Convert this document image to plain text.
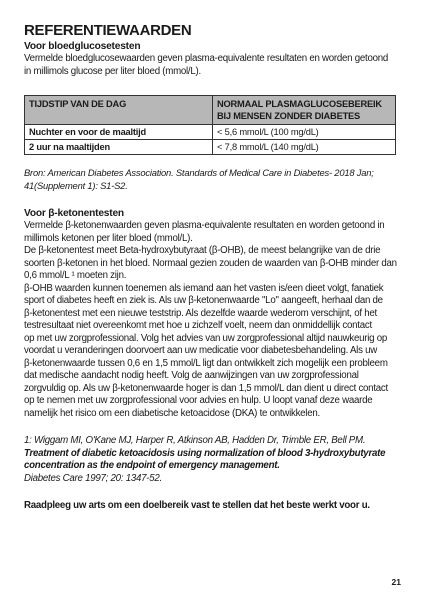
REFERENTIEWAARDEN
Voor bloedglucosetesten
Vermelde bloedglucosewaarden geven plasma-equivalente resultaten en worden getoond
in millimols glucose per liter bloed (mmol/L).
TIJDSTIP VAN DE DAG	NORMAAL PLASMAGLUCOSEBEREIK
BIJ MENSEN ZONDER DIABETES

Nuchter en voor de maaltijd	< 5,6 mmol/L (100 mg/dL)
2 uur na maaltijden	< 7,8 mmol/L (140 mg/dL)
Bron: American Diabetes Association. Standards of Medical Care in Diabetes- 2018 Jan;
41(Supplement 1): S1-S2.
Voor β-ketonentesten
Vermelde β-ketonenwaarden geven plasma-equivalente resultaten en worden getoond in
millimols ketonen per liter bloed (mmol/L).
De β-ketonentest meet Beta-hydroxybutyraat (β-OHB), de meest belangrijke van de drie
soorten β-ketonen in het bloed. Normaal gezien zouden de waarden van β-OHB minder dan
0,6 mmol/L ¹ moeten zijn.
β-OHB waarden kunnen toenemen als iemand aan het vasten is/een dieet volgt, fanatiek
sport of diabetes heeft en ziek is. Als uw β-ketonenwaarde "Lo" aangeeft, herhaal dan de
β-ketonentest met een nieuwe teststrip. Als dezelfde waarde wederom verschijnt, of het
testresultaat niet overeenkomt met hoe u zichzelf voelt, neem dan onmiddellijk contact
op met uw zorgprofessional. Volg het advies van uw zorgprofessional altijd nauwkeurig op
voordat u veranderingen doorvoert aan uw medicatie voor diabetesbehandeling. Als uw
β-ketonenwaarde tussen 0,6 en 1,5 mmol/L ligt dan ontwikkelt zich mogelijk een probleem
dat medische aandacht nodig heeft. Volg de aanwijzingen van uw zorgprofessional
zorgvuldig op. Als uw β-ketonenwaarde hoger is dan 1,5 mmol/L dan dient u direct contact
op te nemen met uw zorgprofessional voor advies en hulp. U loopt vanaf deze waarde
namelijk het risico om een diabetische ketoacidose (DKA) te ontwikkelen.
1: Wiggam MI, O'Kane MJ, Harper R, Atkinson AB, Hadden Dr, Trimble ER, Bell PM.
Treatment of diabetic ketoacidosis using normalization of blood 3-hydroxybutyrate
concentration as the endpoint of emergency management.
Diabetes Care 1997; 20: 1347-52.
Raadpleeg uw arts om een doelbereik vast te stellen dat het beste werkt voor u.
21
